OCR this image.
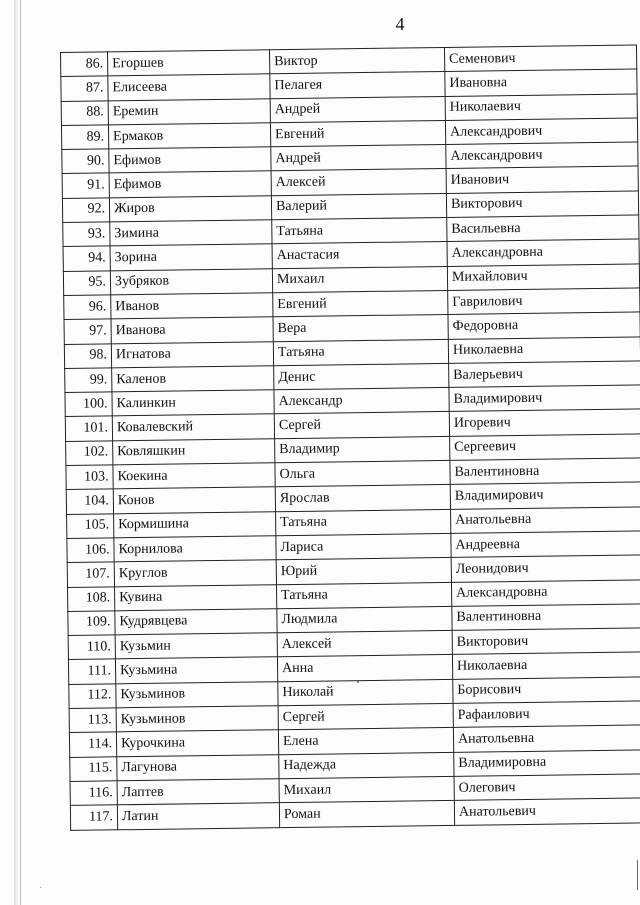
4
86.	Егоршев	Виктор	Семенович
87.	Елисеева	Пелагея	Ивановна
88.	Еремин	Андрей	Николаевич
89.	Ермаков	Евгений	Александрович
90.	Ефимов	Андрей	Александрович
91.	Ефимов	Алексей	Иванович
92.	Жиров	Валерий	Викторович
93.	Зимина	Татьяна	Васильевна
94.	Зорина	Анастасия	Александровна
95.	Зубряков	Михаил	Михайлович
96.	Иванов	Евгений	Гаврилович
97.	Иванова	Вера	Федоровна
98.	Игнатова	Татьяна	Николаевна
99.	Каленов	Денис	Валерьевич
100.	Калинкин	Александр	Владимирович
101.	Ковалевский	Сергей	Игоревич
102.	Ковляшкин	Владимир	Сергеевич
103.	Коекина	Ольга	Валентиновна
104.	Конов	Ярослав	Владимирович
105.	Кормишина	Татьяна	Анатольевна
106.	Корнилова	Лариса	Андреевна
107.	Круглов	Юрий	Леонидович
108.	Кувина	Татьяна	Александровна
109.	Кудрявцева	Людмила	Валентиновна
110.	Кузьмин	Алексей	Викторович
111.	Кузьмина	Анна	Николаевна
112.	Кузьминов	Николай	Борисович
113.	Кузьминов	Сергей	Рафаилович
114.	Курочкина	Елена	Анатольевна
115.	Лагунова	Надежда	Владимировна
116.	Лаптев	Михаил	Олегович
117.	Латин	Роман	Анатольевич
